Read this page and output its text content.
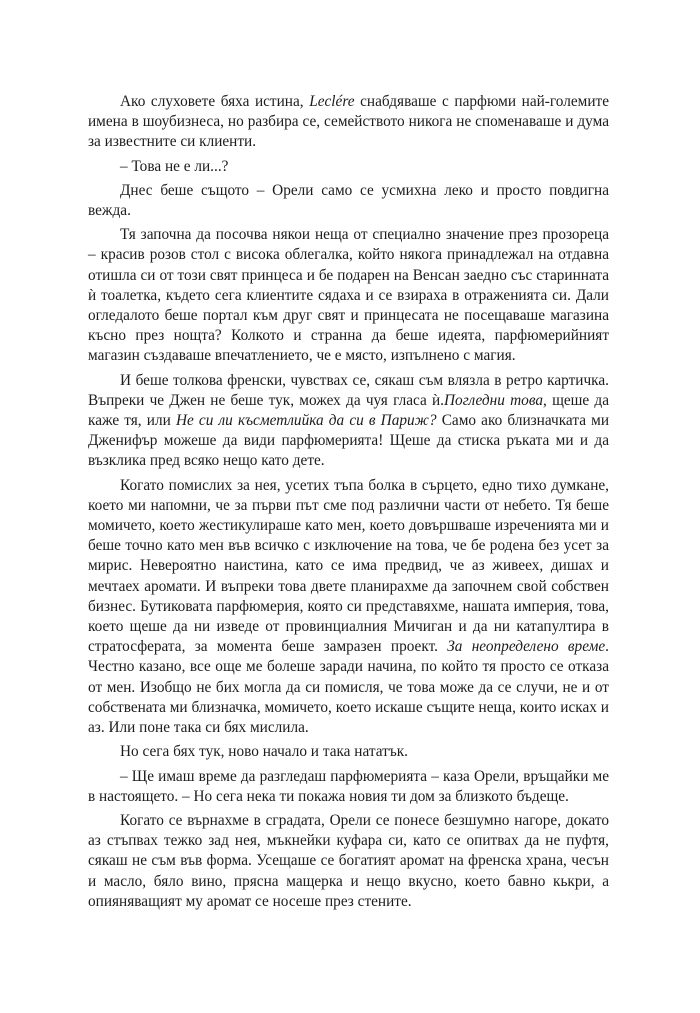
Ако слуховете бяха истина, Leclére снабдяваше с парфюми най-големите имена в шоубизнеса, но разбира се, семейството никога не споменаваше и дума за известните си клиенти.

– Това не е ли...?

Днес беше същото – Орели само се усмихна леко и просто повдигна вежда.

Тя започна да посочва някои неща от специално значение през прозореца – красив розов стол с висока облегалка, който някога принадлежал на отдавна отишла си от този свят принцеса и бе подарен на Венсан заедно със старинната ѝ тоалетка, където сега клиентите сядаха и се взираха в отраженията си. Дали огледалото беше портал към друг свят и принцесата не посещаваше магазина късно през нощта? Колкото и странна да беше идеята, парфюмерийният магазин създаваше впечатлението, че е място, изпълнено с магия.

И беше толкова френски, чувствах се, сякаш съм влязла в ретро картичка. Въпреки че Джен не беше тук, можех да чуя гласа ѝ.Погледни това, щеше да каже тя, или Не си ли късметлийка да си в Париж? Само ако близначката ми Дженифър можеше да види парфюмерията! Щеше да стиска ръката ми и да възклика пред всяко нещо като дете.

Когато помислих за нея, усетих тъпа болка в сърцето, едно тихо думкане, което ми напомни, че за първи път сме под различни части от небето. Тя беше момичето, което жестикулираше като мен, което довършваше изреченията ми и беше точно като мен във всичко с изключение на това, че бе родена без усет за мирис. Невероятно наистина, като се има предвид, че аз живеех, дишах и мечтаех аромати. И въпреки това двете планирахме да започнем свой собствен бизнес. Бутиковата парфюмерия, която си представяхме, нашата империя, това, което щеше да ни изведе от провинциалния Мичиган и да ни катапултира в стратосферата, за момента беше замразен проект. За неопределено време. Честно казано, все още ме болеше заради начина, по който тя просто се отказа от мен. Изобщо не бих могла да си помисля, че това може да се случи, не и от собствената ми близначка, момичето, което искаше същите неща, които исках и аз. Или поне така си бях мислила.

Но сега бях тук, ново начало и така нататък.

– Ще имаш време да разгледаш парфюмерията – каза Орели, връщайки ме в настоящето. – Но сега нека ти покажа новия ти дом за близкото бъдеще.

Когато се върнахме в сградата, Орели се понесе безшумно нагоре, докато аз стъпвах тежко зад нея, мъкнейки куфара си, като се опитвах да не пуфтя, сякаш не съм във форма. Усещаше се богатият аромат на френска храна, чесън и масло, бяло вино, прясна мащерка и нещо вкусно, което бавно кькри, а опияняващият му аромат се носеше през стените.
